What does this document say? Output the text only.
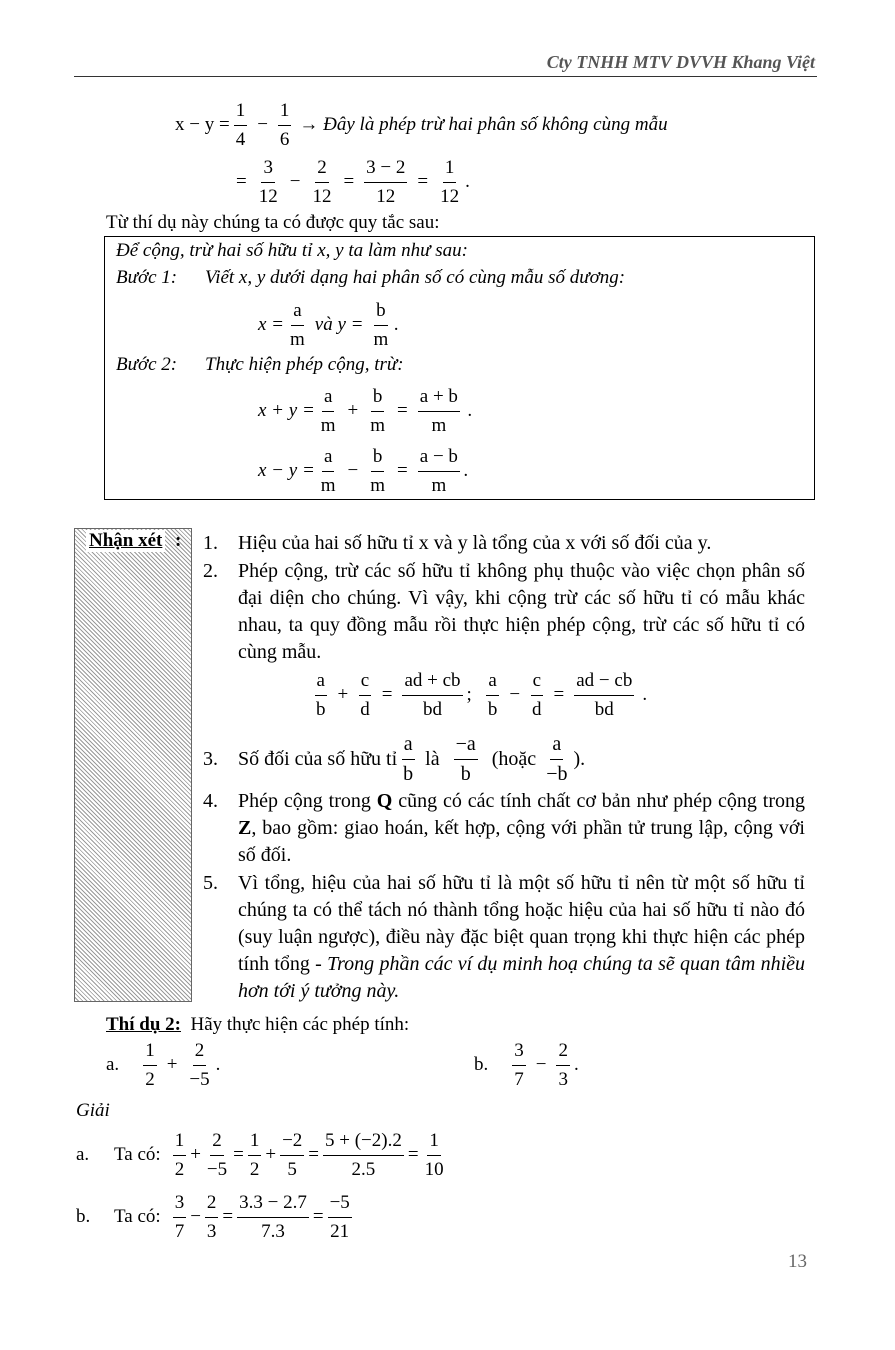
Cty TNHH MTV DVVH Khang Việt
$x - y = \frac{1}{4} - \frac{1}{6}$ → Đây là phép trừ hai phân số không cùng mẫu
= $\frac{3}{12} - \frac{2}{12} = \frac{3 - 2}{12} = \frac{1}{12}$ .
Từ thí dụ này chúng ta có được quy tắc sau:
Để cộng, trừ hai số hữu tỉ x, y ta làm như sau:
Bước 1: Viết x, y dưới dạng hai phân số có cùng mẫu số dương:
$x = \frac{a}{m}$ và $y = \frac{b}{m}$ .
Bước 2: Thực hiện phép cộng, trừ:
$x + y = \frac{a}{m} + \frac{b}{m} = \frac{a + b}{m}$ .
$x - y = \frac{a}{m} - \frac{b}{m} = \frac{a - b}{m}$ .
Nhận xét : 1.	Hiệu của hai số hữu tỉ x và y là tổng của x với số đối của y.
2.	Phép cộng, trừ các số hữu tỉ không phụ thuộc vào việc chọn phân số đại diện cho chúng. Vì vậy, khi cộng trừ các số hữu tỉ có mẫu khác nhau, ta quy đồng mẫu rồi thực hiện phép cộng, trừ các số hữu tỉ có cùng mẫu.
$\frac{a}{b} + \frac{c}{d} = \frac{ad + cb}{bd}$ ; $\frac{a}{b} - \frac{c}{d} = \frac{ad - cb}{bd}$ .
3.	Số đối của số hữu tỉ $\frac{a}{b}$ là $\frac{-a}{b}$ (hoặc $\frac{a}{-b}$ ).
4.	Phép cộng trong Q cũng có các tính chất cơ bản như phép cộng trong Z, bao gồm: giao hoán, kết hợp, cộng với phần tử trung lập, cộng với số đối.
5.	Vì tổng, hiệu của hai số hữu tỉ là một số hữu tỉ nên từ một số hữu tỉ chúng ta có thể tách nó thành tổng hoặc hiệu của hai số hữu tỉ nào đó (suy luận ngược), điều này đặc biệt quan trọng khi thực hiện các phép tính tổng - Trong phần các ví dụ minh hoạ chúng ta sẽ quan tâm nhiều hơn tới ý tưởng này.
Thí dụ 2: Hãy thực hiện các phép tính:
a. $\frac{1}{2} + \frac{2}{-5}$ .	b. $\frac{3}{7} - \frac{2}{3}$ .
Giải
a.	Ta có: $\frac{1}{2} + \frac{2}{-5} = \frac{1}{2} + \frac{-2}{5} = \frac{5 + (-2).2}{2.5} = \frac{1}{10}$
b.	Ta có: $\frac{3}{7} - \frac{2}{3} = \frac{3.3 - 2.7}{7.3} = \frac{-5}{21}$
13
